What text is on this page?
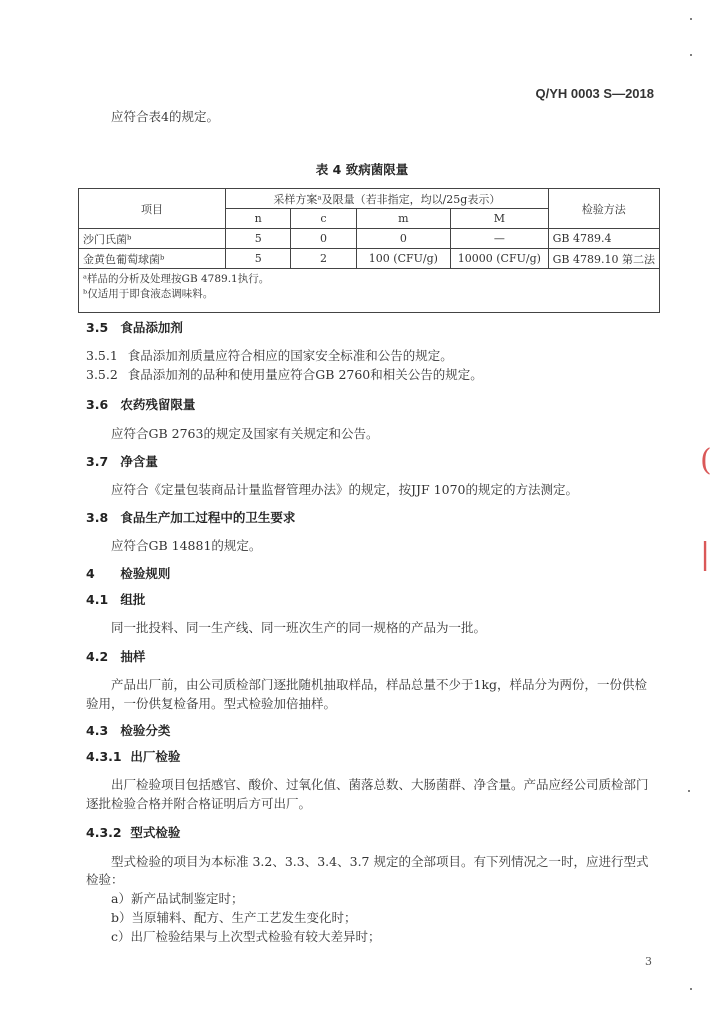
Q/YH 0003 S—2018
应符合表4的规定。
表 4 致病菌限量
项目	采样方案ᵃ及限量（若非指定，均以/25g表示）				检验方法
	n	c	m	M	
沙门氏菌ᵇ	5	0	0	—	GB 4789.4
金黄色葡萄球菌ᵇ	5	2	100 (CFU/g)	10000 (CFU/g)	GB 4789.10 第二法

ᵃ样品的分析及处理按GB 4789.1执行。
ᵇ仅适用于即食液态调味料。					
3.5 食品添加剂
3.5.1 食品添加剂质量应符合相应的国家安全标准和公告的规定。
3.5.2 食品添加剂的品种和使用量应符合GB 2760和相关公告的规定。
3.6 农药残留限量
应符合GB 2763的规定及国家有关规定和公告。
3.7 净含量
应符合《定量包装商品计量监督管理办法》的规定，按JJF 1070的规定的方法测定。
3.8 食品生产加工过程中的卫生要求
应符合GB 14881的规定。
4 检验规则
4.1 组批
同一批投料、同一生产线、同一班次生产的同一规格的产品为一批。
4.2 抽样
产品出厂前，由公司质检部门逐批随机抽取样品，样品总量不少于1kg，样品分为两份，一份供检
验用，一份供复检备用。型式检验加倍抽样。
4.3 检验分类
4.3.1 出厂检验
出厂检验项目包括感官、酸价、过氧化值、菌落总数、大肠菌群、净含量。产品应经公司质检部门
逐批检验合格并附合格证明后方可出厂。
4.3.2 型式检验
型式检验的项目为本标准 3.2、3.3、3.4、3.7 规定的全部项目。有下列情况之一时，应进行型式
检验：
a）新产品试制鉴定时；
b）当原辅料、配方、生产工艺发生变化时；
c）出厂检验结果与上次型式检验有较大差异时；
3
(
|
